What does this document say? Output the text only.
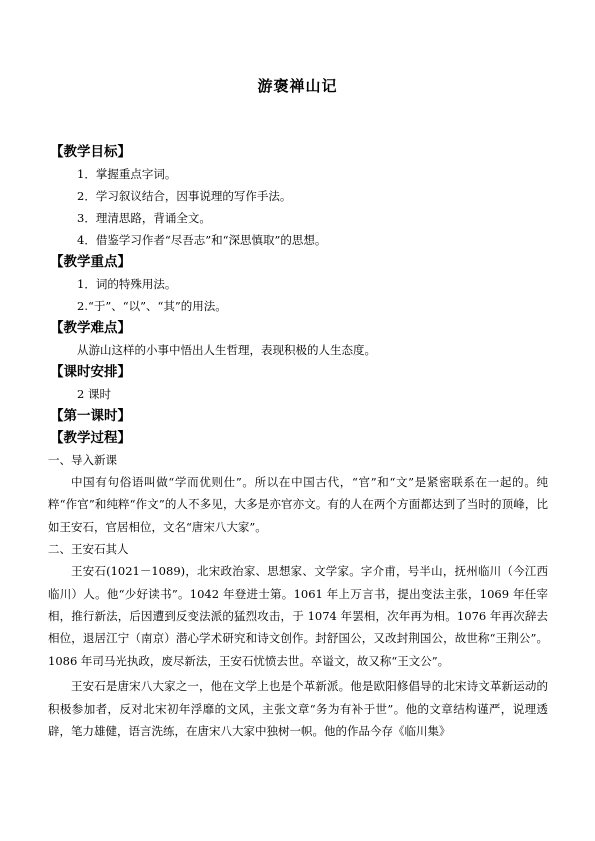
游褒禅山记
【教学目标】
1．掌握重点字词。
2．学习叙议结合，因事说理的写作手法。
3．理清思路，背诵全文。
4．借鉴学习作者“尽吾志”和“深思慎取”的思想。
【教学重点】
1．词的特殊用法。
2.“于”、“以”、“其”的用法。
【教学难点】
从游山这样的小事中悟出人生哲理，表现积极的人生态度。
【课时安排】
2 课时
【第一课时】
【教学过程】
一、导入新课

中国有句俗语叫做“学而优则仕”。所以在中国古代，“官”和“文”是紧密联系在一起的。纯粹“作官”和纯粹“作文”的人不多见，大多是亦官亦文。有的人在两个方面都达到了当时的顶峰，比如王安石，官居相位，文名“唐宋八大家”。

二、王安石其人

王安石(1021－1089)，北宋政治家、思想家、文学家。字介甫，号半山，抚州临川（今江西临川）人。他“少好读书”。1042 年登进士第。1061 年上万言书，提出变法主张，1069 年任宰相，推行新法，后因遭到反变法派的猛烈攻击，于 1074 年罢相，次年再为相。1076 年再次辞去相位，退居江宁（南京）潜心学术研究和诗文创作。封舒国公，又改封荆国公，故世称“王荆公”。1086 年司马光执政，废尽新法，王安石忧愤去世。卒谥文，故又称“王文公”。

王安石是唐宋八大家之一，他在文学上也是个革新派。他是欧阳修倡导的北宋诗文革新运动的积极参加者，反对北宋初年浮靡的文风，主张文章“务为有补于世”。他的文章结构谨严，说理透辟，笔力雄健，语言洗练，在唐宋八大家中独树一帜。他的作品今存《临川集》
